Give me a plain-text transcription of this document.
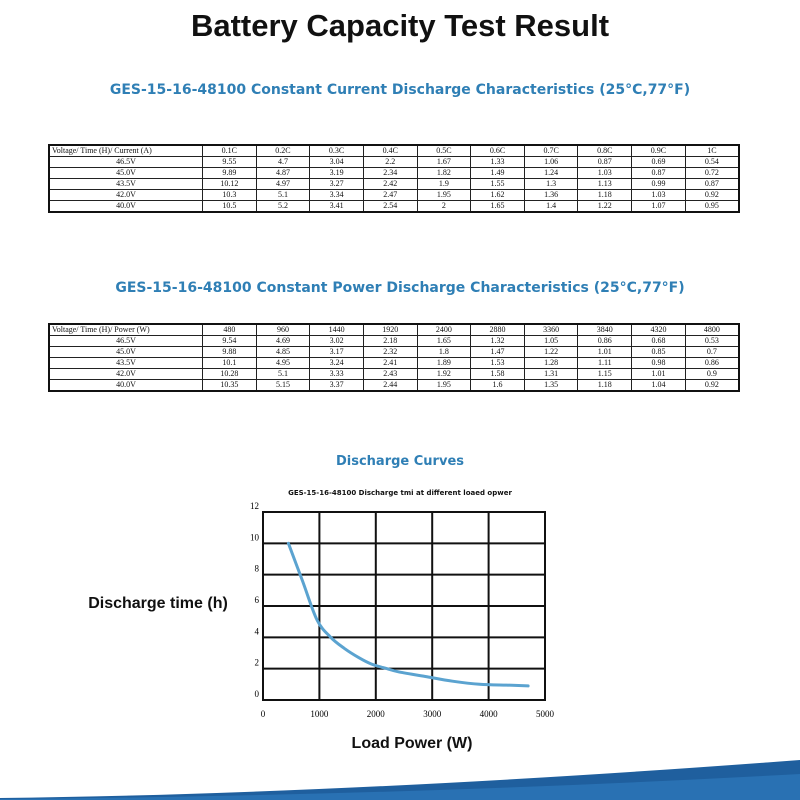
Battery Capacity Test Result
GES-15-16-48100 Constant Current Discharge Characteristics (25°C,77°F)
Voltage/ Time (H)/ Current (A)	0.1C	0.2C	0.3C	0.4C	0.5C	0.6C	0.7C	0.8C	0.9C	1C
46.5V	9.55	4.7	3.04	2.2	1.67	1.33	1.06	0.87	0.69	0.54
45.0V	9.89	4.87	3.19	2.34	1.82	1.49	1.24	1.03	0.87	0.72
43.5V	10.12	4.97	3.27	2.42	1.9	1.55	1.3	1.13	0.99	0.87
42.0V	10.3	5.1	3.34	2.47	1.95	1.62	1.36	1.18	1.03	0.92
40.0V	10.5	5.2	3.41	2.54	2	1.65	1.4	1.22	1.07	0.95
GES-15-16-48100 Constant Power Discharge Characteristics (25°C,77°F)
Voltage/ Time (H)/ Power (W)	480	960	1440	1920	2400	2880	3360	3840	4320	4800
46.5V	9.54	4.69	3.02	2.18	1.65	1.32	1.05	0.86	0.68	0.53
45.0V	9.88	4.85	3.17	2.32	1.8	1.47	1.22	1.01	0.85	0.7
43.5V	10.1	4.95	3.24	2.41	1.89	1.53	1.28	1.11	0.98	0.86
42.0V	10.28	5.1	3.33	2.43	1.92	1.58	1.31	1.15	1.01	0.9
40.0V	10.35	5.15	3.37	2.44	1.95	1.6	1.35	1.18	1.04	0.92
Discharge Curves
GES-15-16-48100 Discharge tmi at different loaed opwer
Discharge time (h)
Load Power (W)
0	1000	2000	3000	4000	5000
0
2
4
6
8
10
12
